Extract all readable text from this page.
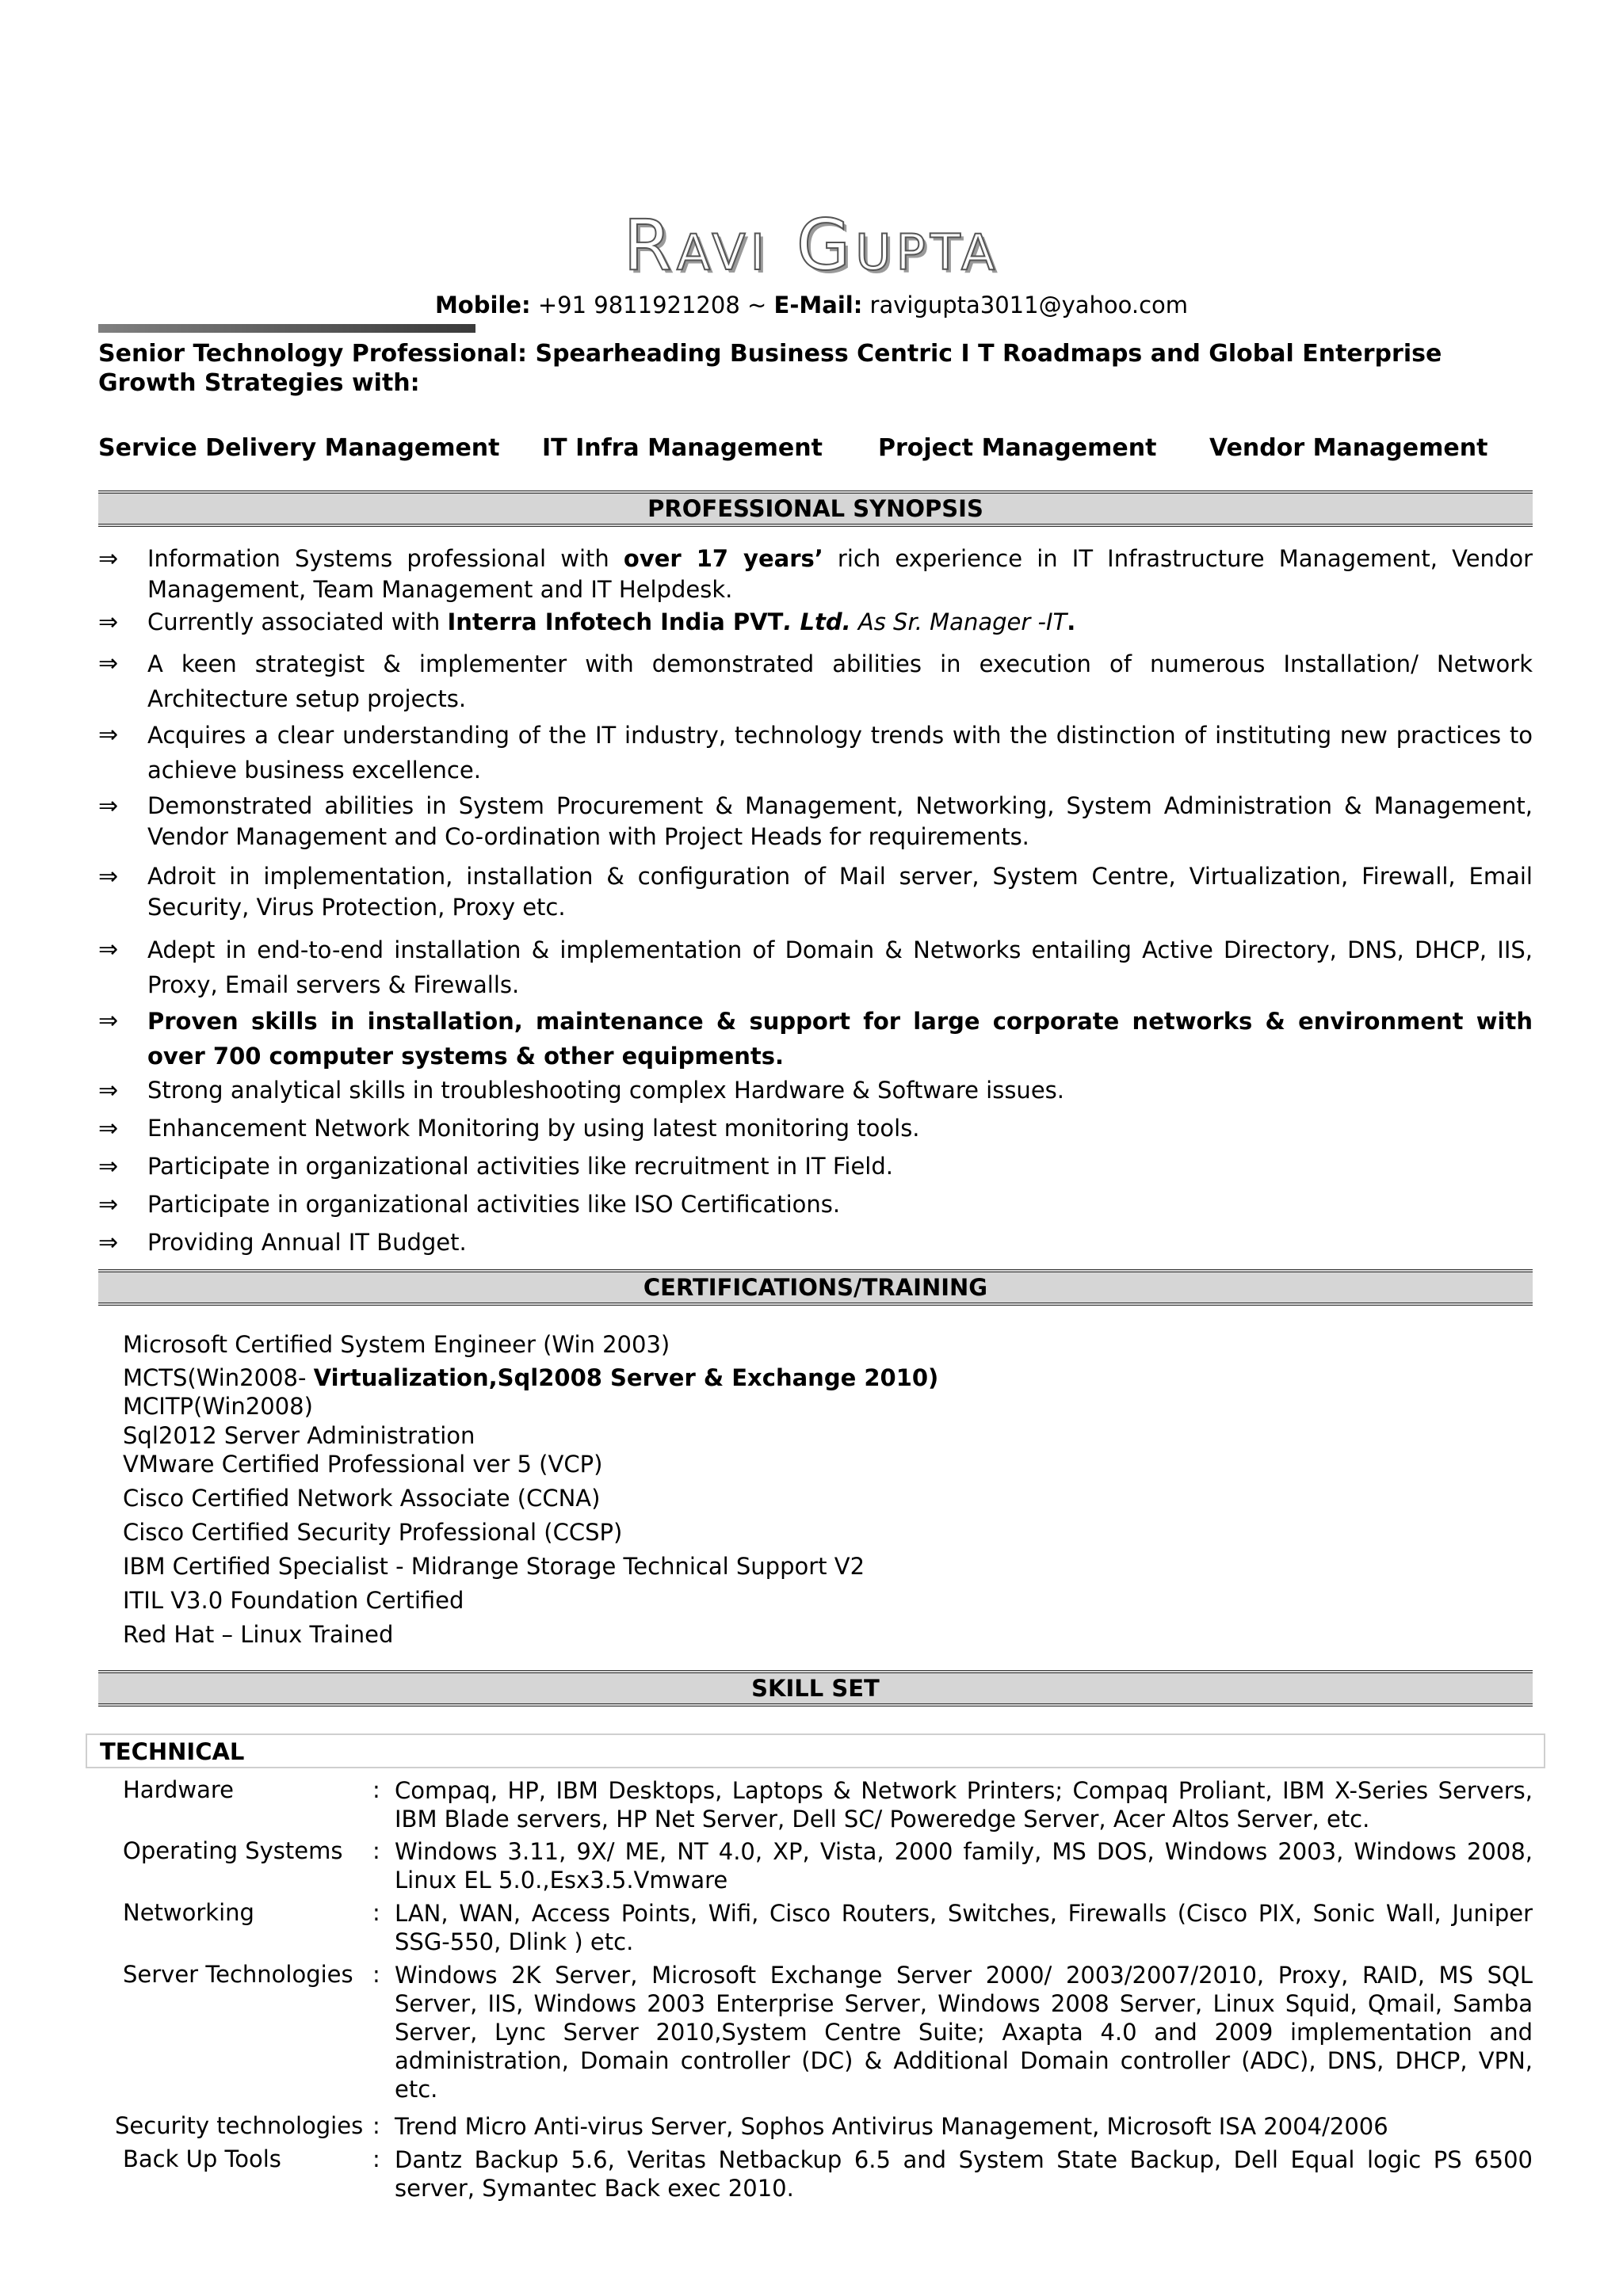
Ravi Gupta
Mobile: +91 9811921208 ~ E-Mail: ravigupta3011@yahoo.com
Senior Technology Professional: Spearheading Business Centric I T Roadmaps and Global Enterprise Growth Strategies with:
Service Delivery Management IT Infra Management Project Management Vendor Management
PROFESSIONAL SYNOPSIS
⇒ Information Systems professional with over 17 years’ rich experience in IT Infrastructure Management, Vendor Management, Team Management and IT Helpdesk.
⇒ Currently associated with Interra Infotech India PVT. Ltd. As Sr. Manager -IT.
⇒ A keen strategist & implementer with demonstrated abilities in execution of numerous Installation/ Network Architecture setup projects.
⇒ Acquires a clear understanding of the IT industry, technology trends with the distinction of instituting new practices to achieve business excellence.
⇒ Demonstrated abilities in System Procurement & Management, Networking, System Administration & Management, Vendor Management and Co-ordination with Project Heads for requirements.
⇒ Adroit in implementation, installation & configuration of Mail server, System Centre, Virtualization, Firewall, Email Security, Virus Protection, Proxy etc.
⇒ Adept in end-to-end installation & implementation of Domain & Networks entailing Active Directory, DNS, DHCP, IIS, Proxy, Email servers & Firewalls.
⇒ Proven skills in installation, maintenance & support for large corporate networks & environment with over 700 computer systems & other equipments.
⇒ Strong analytical skills in troubleshooting complex Hardware & Software issues.
⇒ Enhancement Network Monitoring by using latest monitoring tools.
⇒ Participate in organizational activities like recruitment in IT Field.
⇒ Participate in organizational activities like ISO Certifications.
⇒ Providing Annual IT Budget.
CERTIFICATIONS/TRAINING
Microsoft Certified System Engineer (Win 2003)
MCTS(Win2008- Virtualization,Sql2008 Server & Exchange 2010)
MCITP(Win2008)
Sql2012 Server Administration
VMware Certified Professional ver 5 (VCP)
Cisco Certified Network Associate (CCNA)
Cisco Certified Security Professional (CCSP)
IBM Certified Specialist - Midrange Storage Technical Support V2
ITIL V3.0 Foundation Certified
Red Hat – Linux Trained
SKILL SET
TECHNICAL
Hardware	: Compaq, HP, IBM Desktops, Laptops & Network Printers; Compaq Proliant, IBM X-Series Servers, IBM Blade servers, HP Net Server, Dell SC/ Poweredge Server, Acer Altos Server, etc.
Operating Systems : Windows 3.11, 9X/ ME, NT 4.0, XP, Vista, 2000 family, MS DOS, Windows 2003, Windows 2008, Linux EL 5.0.,Esx3.5.Vmware
Networking	: LAN, WAN, Access Points, Wifi, Cisco Routers, Switches, Firewalls (Cisco PIX, Sonic Wall, Juniper SSG-550, Dlink ) etc.
Server Technologies : Windows 2K Server, Microsoft Exchange Server 2000/ 2003/2007/2010, Proxy, RAID, MS SQL Server, IIS, Windows 2003 Enterprise Server, Windows 2008 Server, Linux Squid, Qmail, Samba Server, Lync Server 2010,System Centre Suite; Axapta 4.0 and 2009 implementation and administration, Domain controller (DC) & Additional Domain controller (ADC), DNS, DHCP, VPN, etc.
Security technologies : Trend Micro Anti-virus Server, Sophos Antivirus Management, Microsoft ISA 2004/2006
Back Up Tools	: Dantz Backup 5.6, Veritas Netbackup 6.5 and System State Backup, Dell Equal logic PS 6500 server, Symantec Back exec 2010.
